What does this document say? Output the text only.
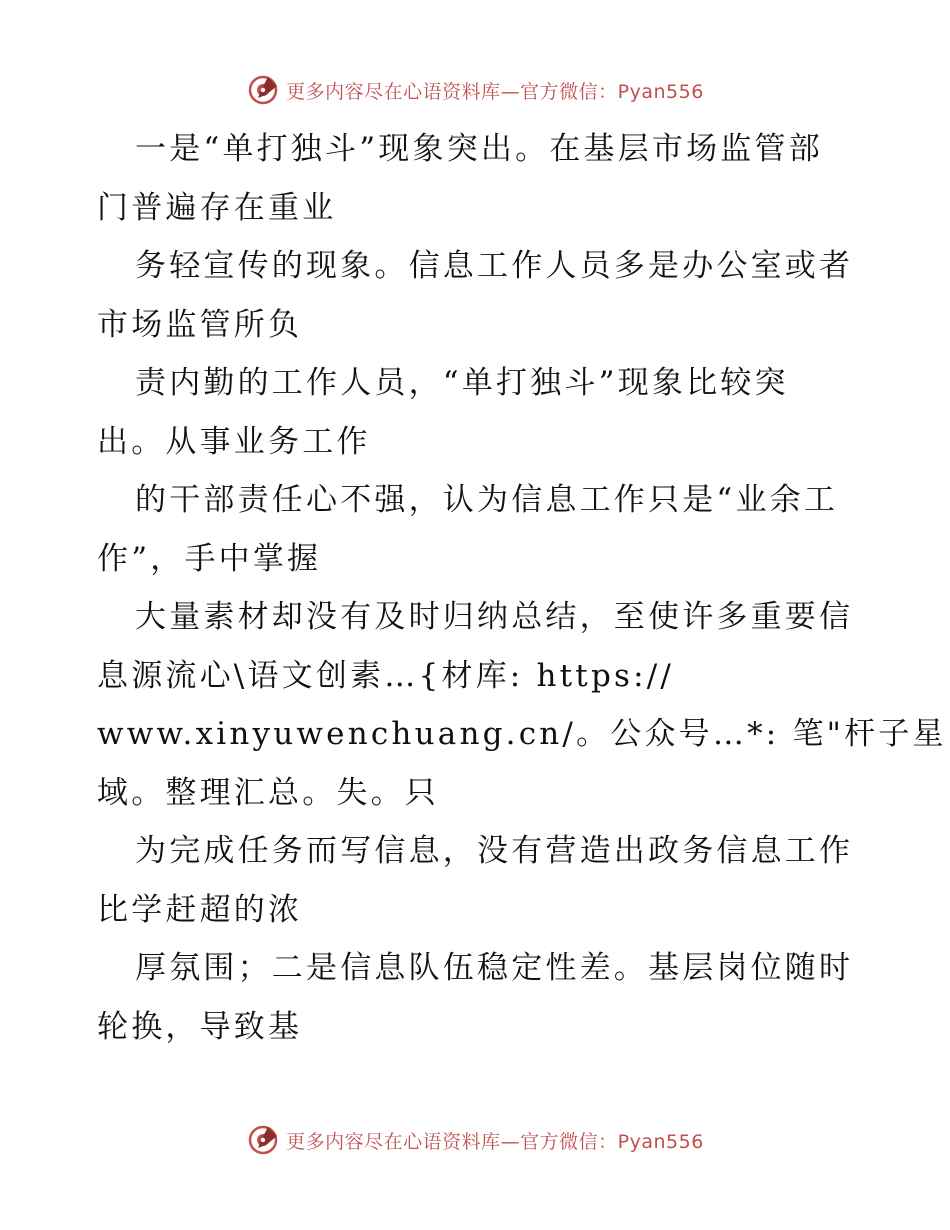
更多内容尽在心语资料库—官方微信：Pyan556
一是“单打独斗”现象突出。在基层市场监管部
门普遍存在重业
务轻宣传的现象。信息工作人员多是办公室或者
市场监管所负
责内勤的工作人员，“单打独斗”现象比较突
出。从事业务工作
的干部责任心不强，认为信息工作只是“业余工
作”，手中掌握
大量素材却没有及时归纳总结，至使许多重要信
息源流心\语文创素…{材库: https://
www.xinyuwenchuang.cn/。公众号…*: 笔"杆子星
域。整理汇总。失。只
为完成任务而写信息，没有营造出政务信息工作
比学赶超的浓
厚氛围；二是信息队伍稳定性差。基层岗位随时
轮换，导致基
更多内容尽在心语资料库—官方微信：Pyan556
